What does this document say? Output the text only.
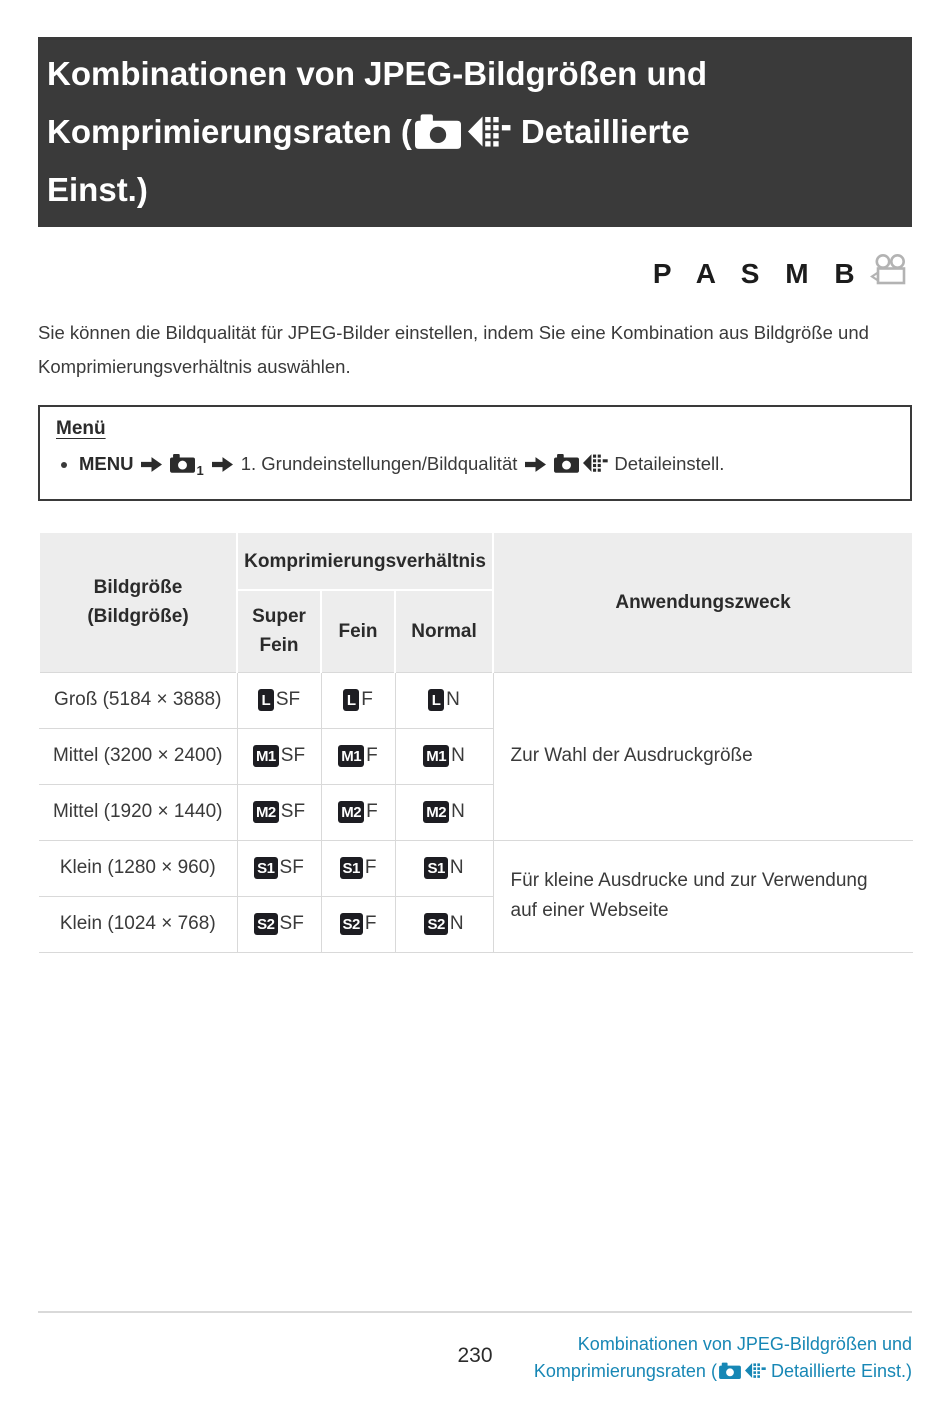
Kombinationen von JPEG-Bildgrößen und
Komprimierungsraten (	Detaillierte
Einst.)
P A S M B

Sie können die Bildqualität für JPEG-Bilder einstellen, indem Sie eine Kombination aus Bildgröße und Komprimierungsverhältnis auswählen.

Menü
• MENU	$_1$ 1. Grundeinstellungen/Bildqualität	Detaileinstell.
Bildgröße
(Bildgröße)	Komprimierungsverhältnis			Anwendungszweck
	Super Fein	Fein	Normal	
Groß (5184 × 3888)	L SF	L F	L N	Zur Wahl der Ausdruckgröße
Mittel (3200 × 2400)	M1 SF	M1 F	M1 N	
Mittel (1920 × 1440)	M2 SF	M2 F	M2 N	
Klein (1280 × 960)	S1 SF	S1 F	S1 N	Für kleine Ausdrucke und zur Verwendung auf einer Webseite
Klein (1024 × 768)	S2 SF	S2 F	S2 N	
230	Kombinationen von JPEG-Bildgrößen und
Komprimierungsraten (	Detaillierte Einst.)
